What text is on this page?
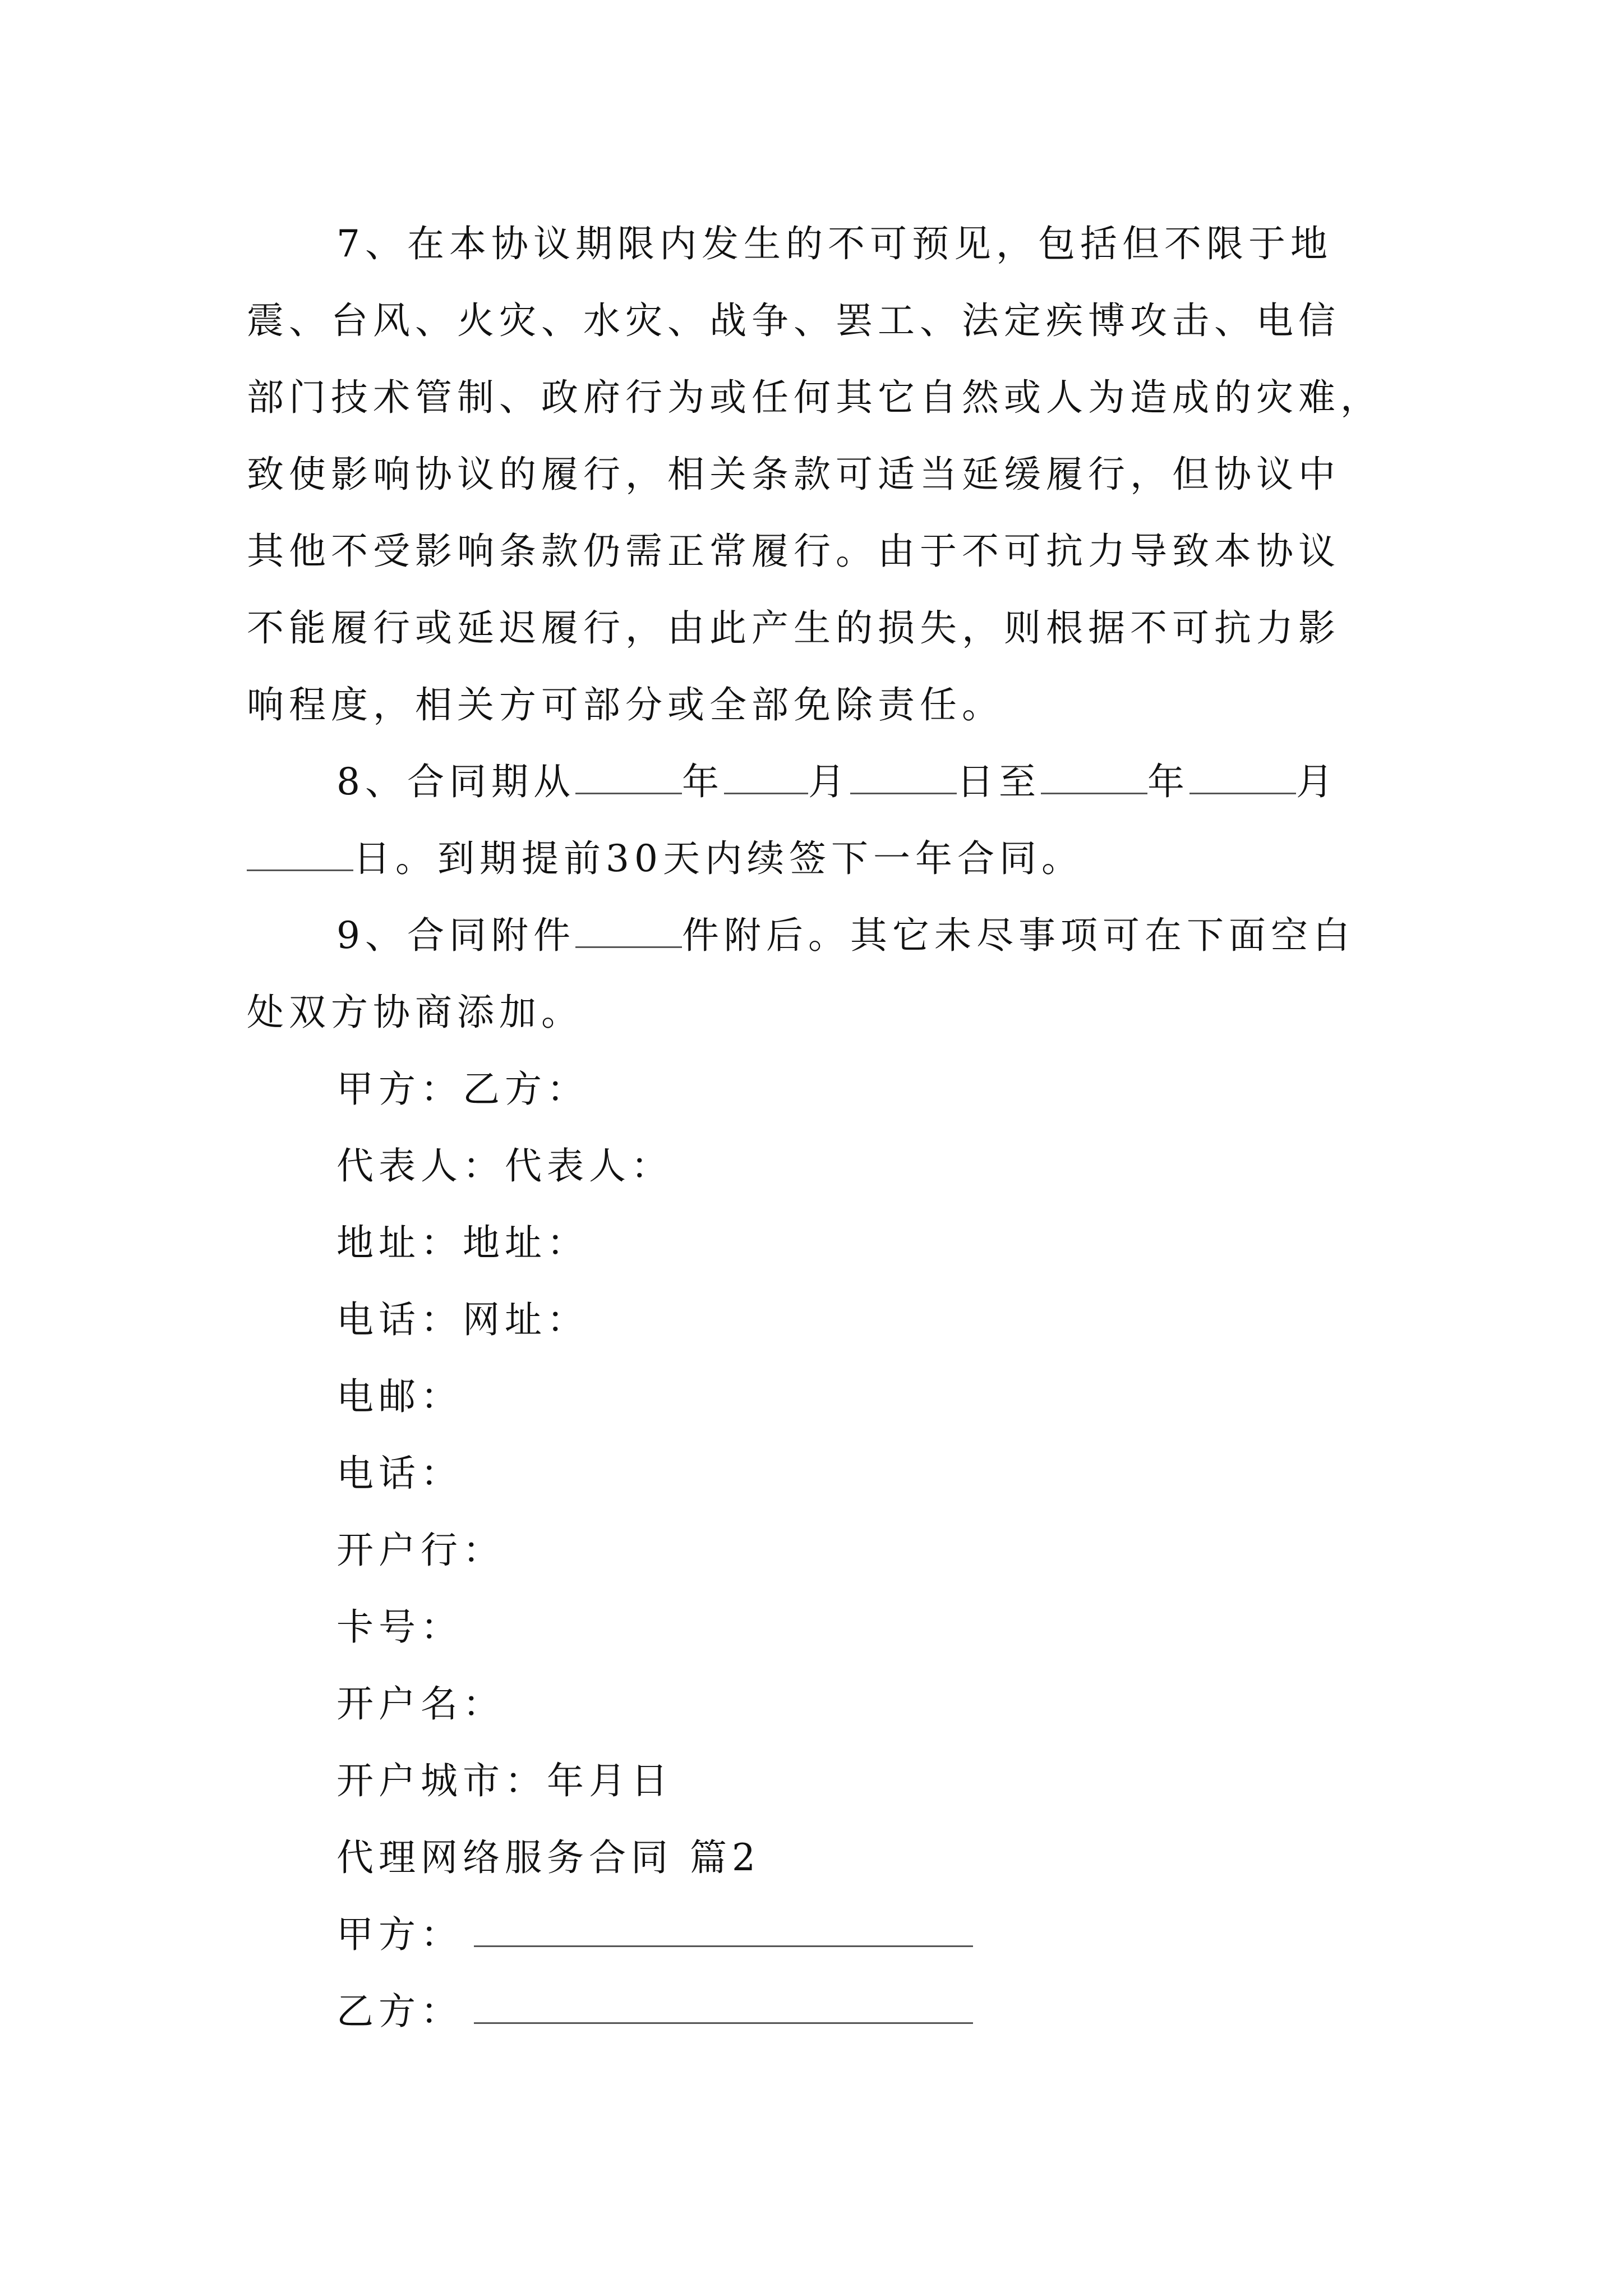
7、在本协议期限内发生的不可预见，包括但不限于地
震、台风、火灾、水灾、战争、罢工、法定疾博攻击、电信
部门技术管制、政府行为或任何其它自然或人为造成的灾难，
致使影响协议的履行，相关条款可适当延缓履行，但协议中
其他不受影响条款仍需正常履行。由于不可抗力导致本协议
不能履行或延迟履行，由此产生的损失，则根据不可抗力影
响程度，相关方可部分或全部免除责任。
8、合同期从	年 月	日至	年	月
日。到期提前30天内续签下一年合同。
9、合同附件	件附后。其它未尽事项可在下面空白
处双方协商添加。
甲方：乙方：
代表人：代表人：
地址：地址：
电话：网址：
电邮：
电话：
开户行：
卡号：
开户名：
开户城市：年月日
代理网络服务合同 篇2
甲方：
乙方：
